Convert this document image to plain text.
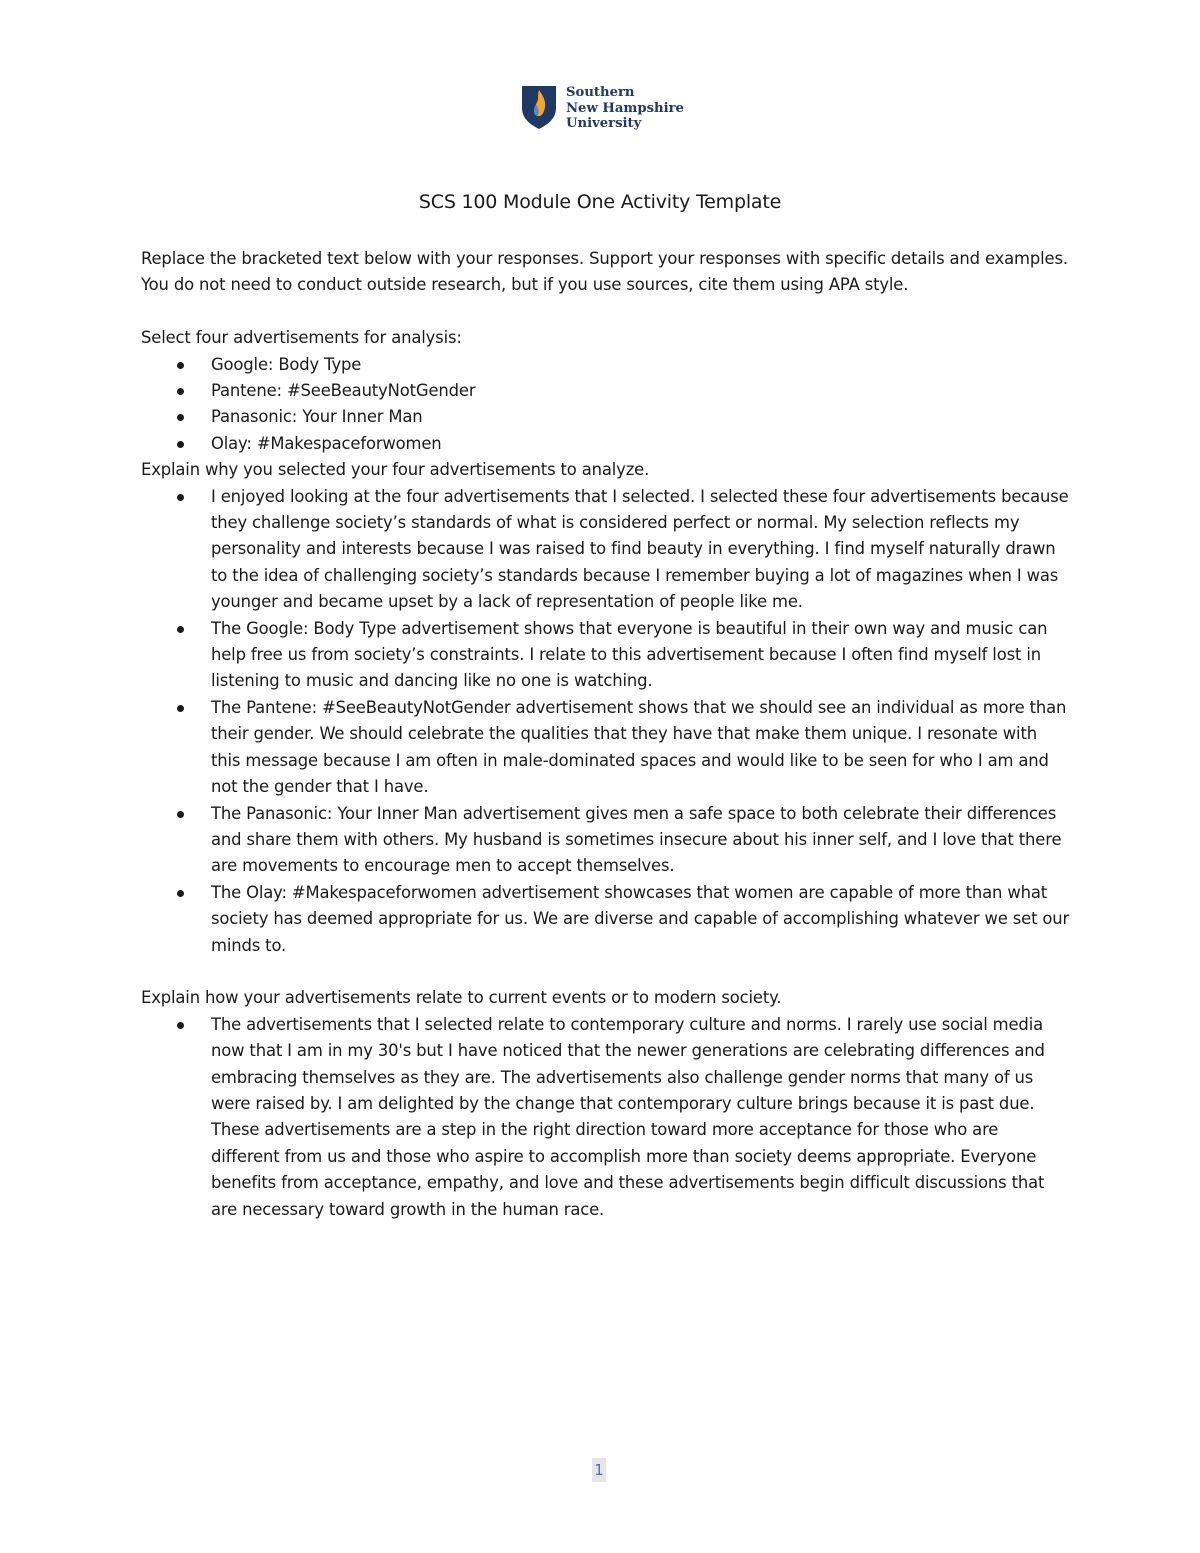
Southern
New Hampshire
University
SCS 100 Module One Activity Template

Replace the bracketed text below with your responses. Support your responses with specific details and examples. You do not need to conduct outside research, but if you use sources, cite them using APA style.

Select four advertisements for analysis:

Google: Body Type
Pantene: #SeeBeautyNotGender
Panasonic: Your Inner Man
Olay: #Makespaceforwomen

Explain why you selected your four advertisements to analyze.

I enjoyed looking at the four advertisements that I selected. I selected these four advertisements because they challenge society’s standards of what is considered perfect or normal. My selection reflects my personality and interests because I was raised to find beauty in everything. I find myself naturally drawn to the idea of challenging society’s standards because I remember buying a lot of magazines when I was younger and became upset by a lack of representation of people like me.
The Google: Body Type advertisement shows that everyone is beautiful in their own way and music can help free us from society’s constraints. I relate to this advertisement because I often find myself lost in listening to music and dancing like no one is watching.
The Pantene: #SeeBeautyNotGender advertisement shows that we should see an individual as more than their gender. We should celebrate the qualities that they have that make them unique. I resonate with this message because I am often in male-dominated spaces and would like to be seen for who I am and not the gender that I have.
The Panasonic: Your Inner Man advertisement gives men a safe space to both celebrate their differences and share them with others. My husband is sometimes insecure about his inner self, and I love that there are movements to encourage men to accept themselves.
The Olay: #Makespaceforwomen advertisement showcases that women are capable of more than what society has deemed appropriate for us. We are diverse and capable of accomplishing whatever we set our minds to.

Explain how your advertisements relate to current events or to modern society.

The advertisements that I selected relate to contemporary culture and norms. I rarely use social media now that I am in my 30's but I have noticed that the newer generations are celebrating differences and embracing themselves as they are. The advertisements also challenge gender norms that many of us were raised by. I am delighted by the change that contemporary culture brings because it is past due. These advertisements are a step in the right direction toward more acceptance for those who are different from us and those who aspire to accomplish more than society deems appropriate. Everyone benefits from acceptance, empathy, and love and these advertisements begin difficult discussions that are necessary toward growth in the human race.
1
